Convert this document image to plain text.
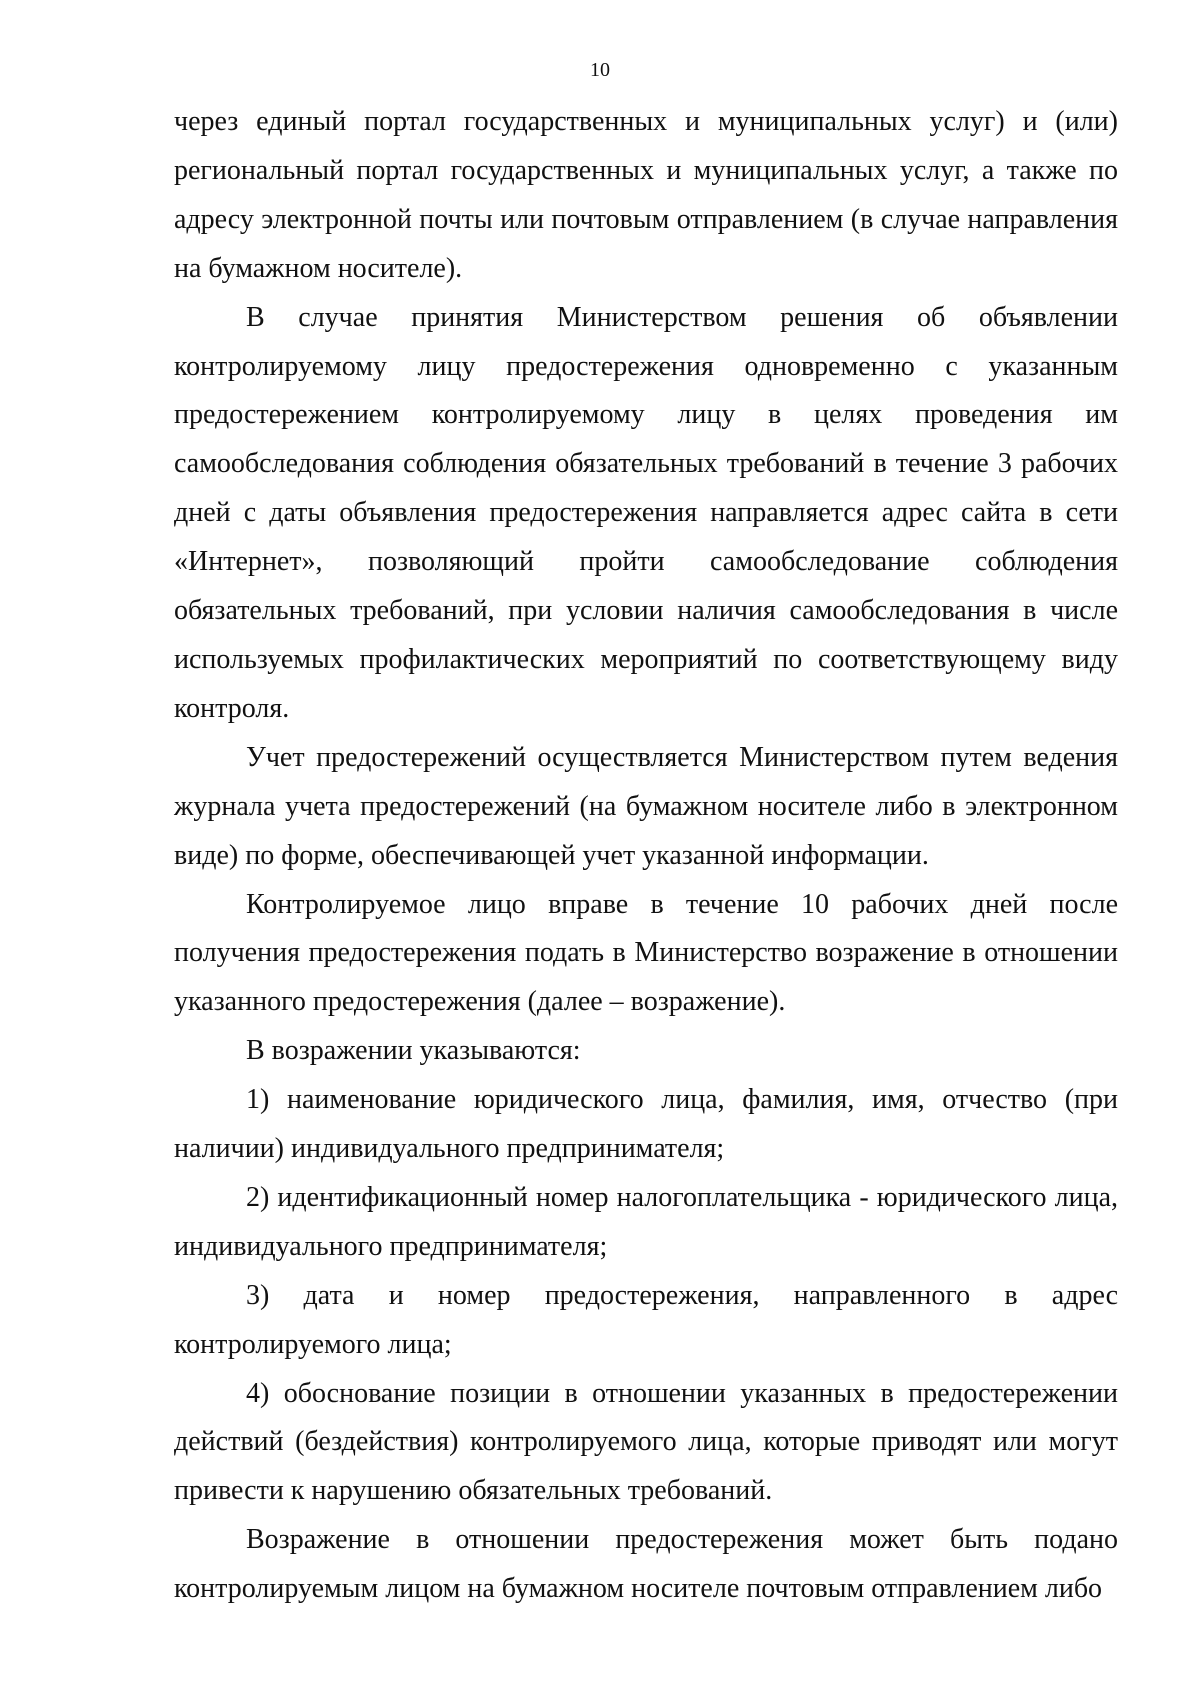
10

через единый портал государственных и муниципальных услуг) и (или) региональный портал государственных и муниципальных услуг, а также по адресу электронной почты или почтовым отправлением (в случае направления на бумажном носителе).

В случае принятия Министерством решения об объявлении контролируемому лицу предостережения одновременно с указанным предостережением контролируемому лицу в целях проведения им самообследования соблюдения обязательных требований в течение 3 рабочих дней с даты объявления предостережения направляется адрес сайта в сети «Интернет», позволяющий пройти самообследование соблюдения обязательных требований, при условии наличия самообследования в числе используемых профилактических мероприятий по соответствующему виду контроля.

Учет предостережений осуществляется Министерством путем ведения журнала учета предостережений (на бумажном носителе либо в электронном виде) по форме, обеспечивающей учет указанной информации.

Контролируемое лицо вправе в течение 10 рабочих дней после получения предостережения подать в Министерство возражение в отношении указанного предостережения (далее – возражение).

В возражении указываются:

1) наименование юридического лица, фамилия, имя, отчество (при наличии) индивидуального предпринимателя;

2) идентификационный номер налогоплательщика - юридического лица, индивидуального предпринимателя;

3) дата и номер предостережения, направленного в адрес контролируемого лица;

4) обоснование позиции в отношении указанных в предостережении действий (бездействия) контролируемого лица, которые приводят или могут привести к нарушению обязательных требований.

Возражение в отношении предостережения может быть подано контролируемым лицом на бумажном носителе почтовым отправлением либо
